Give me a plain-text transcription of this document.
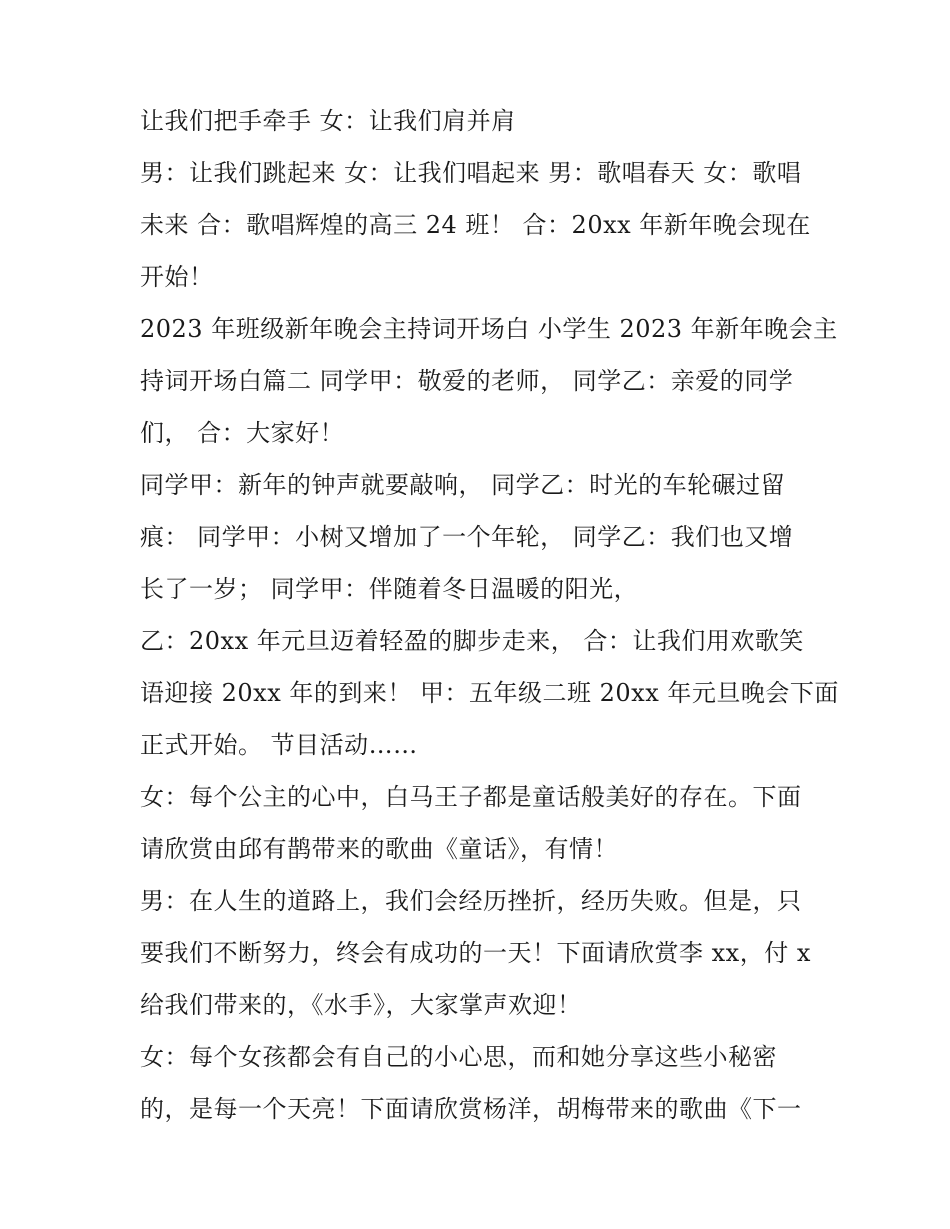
让我们把手牵手 女：让我们肩并肩
男：让我们跳起来 女：让我们唱起来 男：歌唱春天 女：歌唱
未来 合：歌唱辉煌的高三 24 班！ 合：20xx 年新年晚会现在
开始！
2023 年班级新年晚会主持词开场白 小学生 2023 年新年晚会主
持词开场白篇二 同学甲：敬爱的老师， 同学乙：亲爱的同学
们， 合：大家好！
同学甲：新年的钟声就要敲响， 同学乙：时光的车轮碾过留
痕： 同学甲：小树又增加了一个年轮， 同学乙：我们也又增
长了一岁； 同学甲：伴随着冬日温暖的阳光，
乙：20xx 年元旦迈着轻盈的脚步走来， 合：让我们用欢歌笑
语迎接 20xx 年的到来！ 甲：五年级二班 20xx 年元旦晚会下面
正式开始。 节目活动……
女：每个公主的心中，白马王子都是童话般美好的存在。下面
请欣赏由邱有鹊带来的歌曲《童话》，有情！
男：在人生的道路上，我们会经历挫折，经历失败。但是，只
要我们不断努力，终会有成功的一天！下面请欣赏李 xx，付 x
给我们带来的，《水手》，大家掌声欢迎！
女：每个女孩都会有自己的小心思，而和她分享这些小秘密
的，是每一个天亮！下面请欣赏杨洋，胡梅带来的歌曲《下一
